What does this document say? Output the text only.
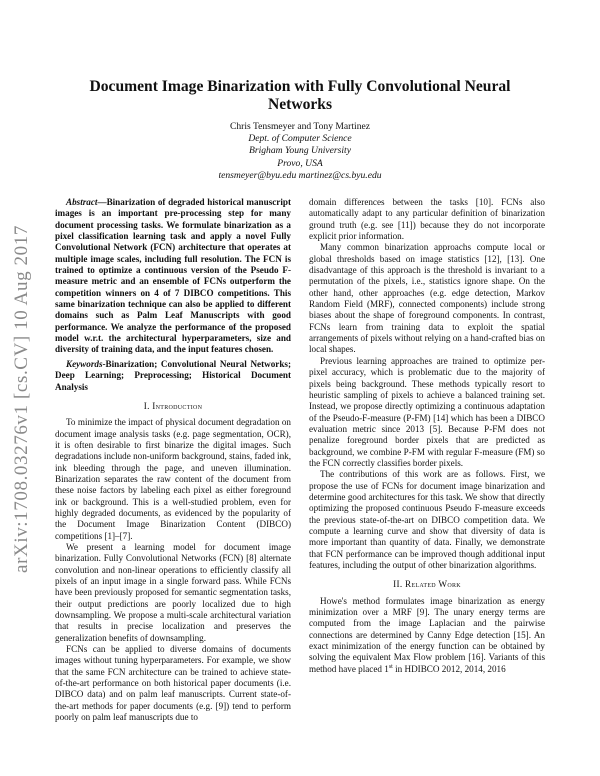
arXiv:1708.03276v1 [cs.CV] 10 Aug 2017
Document Image Binarization with Fully Convolutional Neural Networks
Chris Tensmeyer and Tony Martinez
Dept. of Computer Science
Brigham Young University
Provo, USA
tensmeyer@byu.edu martinez@cs.byu.edu

Abstract—Binarization of degraded historical manuscript images is an important pre-processing step for many document processing tasks. We formulate binarization as a pixel classification learning task and apply a novel Fully Convolutional Network (FCN) architecture that operates at multiple image scales, including full resolution. The FCN is trained to optimize a continuous version of the Pseudo F-measure metric and an ensemble of FCNs outperform the competition winners on 4 of 7 DIBCO competitions. This same binarization technique can also be applied to different domains such as Palm Leaf Manuscripts with good performance. We analyze the performance of the proposed model w.r.t. the architectural hyperparameters, size and diversity of training data, and the input features chosen.

Keywords-Binarization; Convolutional Neural Networks; Deep Learning; Preprocessing; Historical Document Analysis

I. Introduction

To minimize the impact of physical document degradation on document image analysis tasks (e.g. page segmentation, OCR), it is often desirable to first binarize the digital images. Such degradations include non-uniform background, stains, faded ink, ink bleeding through the page, and uneven illumination. Binarization separates the raw content of the document from these noise factors by labeling each pixel as either foreground ink or background. This is a well-studied problem, even for highly degraded documents, as evidenced by the popularity of the Document Image Binarization Content (DIBCO) competitions [1]–[7].

We present a learning model for document image binarization. Fully Convolutional Networks (FCN) [8] alternate convolution and non-linear operations to efficiently classify all pixels of an input image in a single forward pass. While FCNs have been previously proposed for semantic segmentation tasks, their output predictions are poorly localized due to high downsampling. We propose a multi-scale architectural variation that results in precise localization and preserves the generalization benefits of downsampling.

FCNs can be applied to diverse domains of documents images without tuning hyperparameters. For example, we show that the same FCN architecture can be trained to achieve state-of-the-art performance on both historical paper documents (i.e. DIBCO data) and on palm leaf manuscripts. Current state-of-the-art methods for paper documents (e.g. [9]) tend to perform poorly on palm leaf manuscripts due to

domain differences between the tasks [10]. FCNs also automatically adapt to any particular definition of binarization ground truth (e.g. see [11]) because they do not incorporate explicit prior information.

Many common binarization approachs compute local or global thresholds based on image statistics [12], [13]. One disadvantage of this approach is the threshold is invariant to a permutation of the pixels, i.e., statistics ignore shape. On the other hand, other approaches (e.g. edge detection, Markov Random Field (MRF), connected components) include strong biases about the shape of foreground components. In contrast, FCNs learn from training data to exploit the spatial arrangements of pixels without relying on a hand-crafted bias on local shapes.

Previous learning approaches are trained to optimize per-pixel accuracy, which is problematic due to the majority of pixels being background. These methods typically resort to heuristic sampling of pixels to achieve a balanced training set. Instead, we propose directly optimizing a continuous adaptation of the Pseudo-F-measure (P-FM) [14] which has been a DIBCO evaluation metric since 2013 [5]. Because P-FM does not penalize foreground border pixels that are predicted as background, we combine P-FM with regular F-measure (FM) so the FCN correctly classifies border pixels.

The contributions of this work are as follows. First, we propose the use of FCNs for document image binarization and determine good architectures for this task. We show that directly optimizing the proposed continuous Pseudo F-measure exceeds the previous state-of-the-art on DIBCO competition data. We compute a learning curve and show that diversity of data is more important than quantity of data. Finally, we demonstrate that FCN performance can be improved though additional input features, including the output of other binarization algorithms.

II. Related Work

Howe's method formulates image binarization as energy minimization over a MRF [9]. The unary energy terms are computed from the image Laplacian and the pairwise connections are determined by Canny Edge detection [15]. An exact minimization of the energy function can be obtained by solving the equivalent Max Flow problem [16]. Variants of this method have placed 1st in HDIBCO 2012, 2014, 2016
